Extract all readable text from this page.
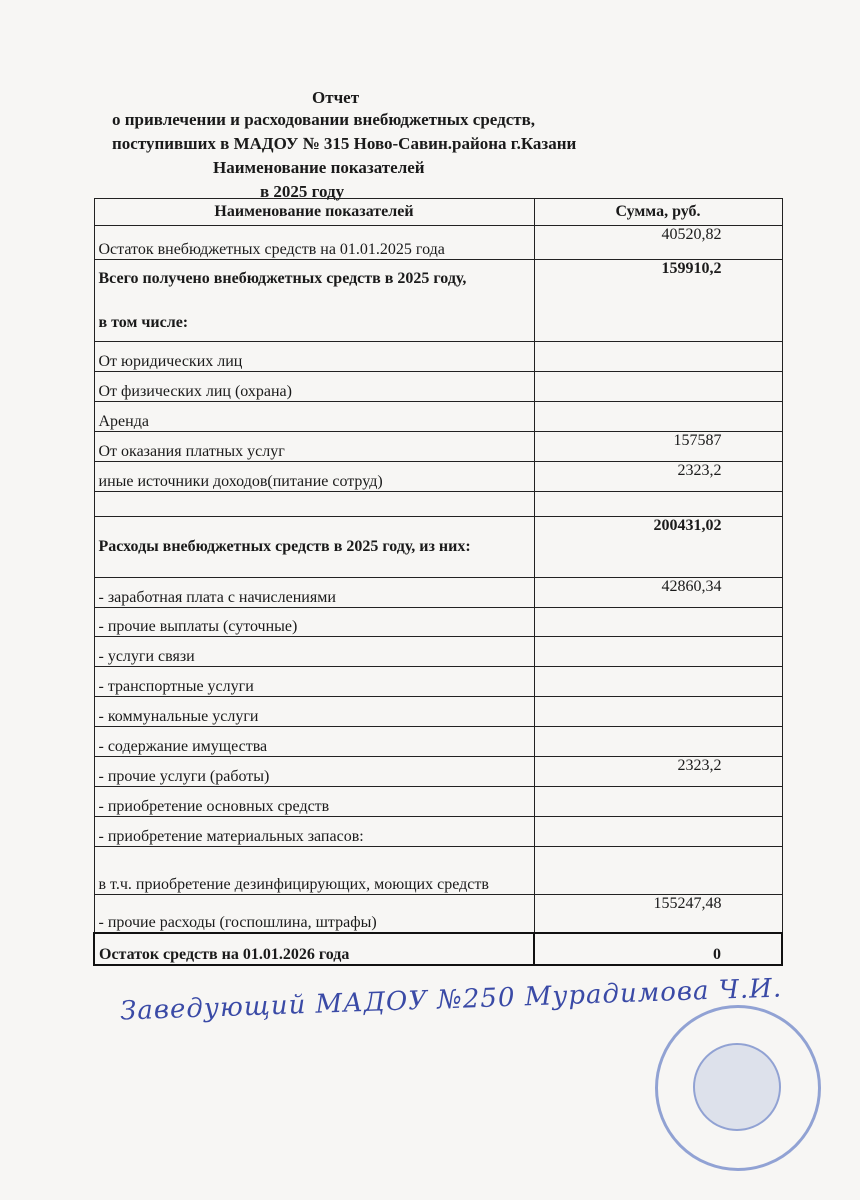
Отчет
о привлечении и расходовании внебюджетных средств,
поступивших в МАДОУ № 315 Ново-Савин.района г.Казани
Наименование показателей
в 2025 году
Наименование показателей	Сумма, руб.
Остаток внебюджетных средств на 01.01.2025 года	40520,82
Всего получено внебюджетных средств в 2025 году,
в том числе:	159910,2
От юридических лиц	
От физических лиц (охрана)	
Аренда	
От оказания платных услуг	157587
иные источники доходов(питание сотруд)	2323,2

Расходы внебюджетных средств в 2025 году, из них:	200431,02
- заработная плата с начислениями	42860,34
- прочие выплаты (суточные)	
- услуги связи	
- транспортные услуги	
- коммунальные услуги	
- содержание имущества	
- прочие услуги (работы)	2323,2
- приобретение основных средств	
- приобретение материальных запасов:	
в т.ч. приобретение дезинфицирующих, моющих средств	
- прочие расходы (госпошлина, штрафы)	155247,48
Остаток средств на 01.01.2026 года	0
Заведующий МАДОУ №250 Мурадимова Ч.И.
